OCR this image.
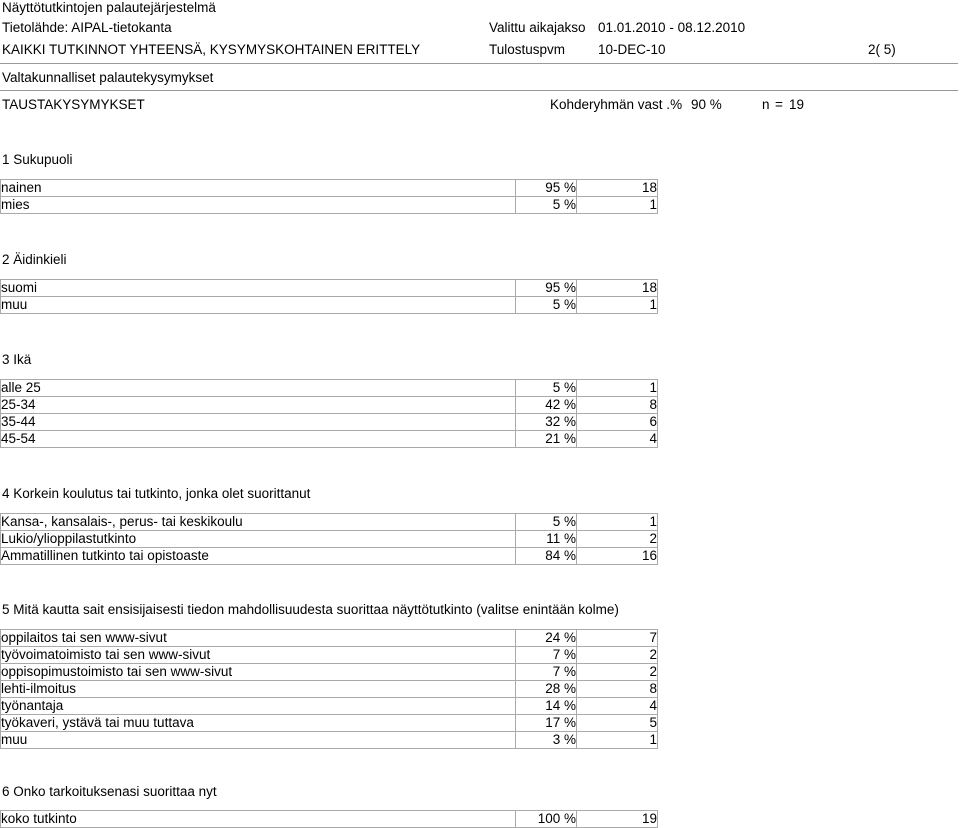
Näyttötutkintojen palautejärjestelmä
Tietolähde: AIPAL-tietokanta	Valittu aikajakso 01.01.2010 - 08.12.2010
KAIKKI TUTKINNOT YHTEENSÄ, KYSYMYSKOHTAINEN ERITTELY	Tulostuspvm 10-DEC-10	2( 5)
Valtakunnalliset palautekysymykset
TAUSTAKYSYMYKSET	Kohderyhmän vast .% 90 %	n = 19
1 Sukupuoli
nainen	95 %	18
mies	5 %	1
2 Äidinkieli
suomi	95 %	18
muu	5 %	1
3 Ikä
alle 25	5 %	1
25-34	42 %	8
35-44	32 %	6
45-54	21 %	4
4 Korkein koulutus tai tutkinto, jonka olet suorittanut
Kansa-, kansalais-, perus- tai keskikoulu	5 %	1
Lukio/ylioppilastutkinto	11 %	2
Ammatillinen tutkinto tai opistoaste	84 %	16
5 Mitä kautta sait ensisijaisesti tiedon mahdollisuudesta suorittaa näyttötutkinto (valitse enintään kolme)
oppilaitos tai sen www-sivut	24 %	7
työvoimatoimisto tai sen www-sivut	7 %	2
oppisopimustoimisto tai sen www-sivut	7 %	2
lehti-ilmoitus	28 %	8
työnantaja	14 %	4
työkaveri, ystävä tai muu tuttava	17 %	5
muu	3 %	1
6 Onko tarkoituksenasi suorittaa nyt
koko tutkinto	100 %	19
